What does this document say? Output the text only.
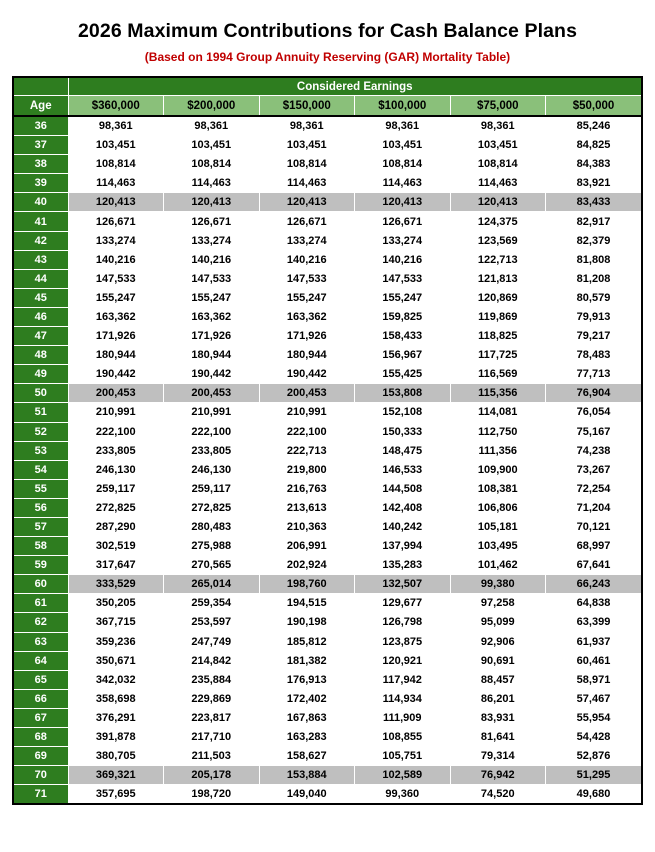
2026 Maximum Contributions for Cash Balance Plans
(Based on 1994 Group Annuity Reserving (GAR) Mortality Table)
	Considered Earnings					
Age	$360,000	$200,000	$150,000	$100,000	$75,000	$50,000
36	98,361	98,361	98,361	98,361	98,361	85,246
37	103,451	103,451	103,451	103,451	103,451	84,825
38	108,814	108,814	108,814	108,814	108,814	84,383
39	114,463	114,463	114,463	114,463	114,463	83,921
40	120,413	120,413	120,413	120,413	120,413	83,433
41	126,671	126,671	126,671	126,671	124,375	82,917
42	133,274	133,274	133,274	133,274	123,569	82,379
43	140,216	140,216	140,216	140,216	122,713	81,808
44	147,533	147,533	147,533	147,533	121,813	81,208
45	155,247	155,247	155,247	155,247	120,869	80,579
46	163,362	163,362	163,362	159,825	119,869	79,913
47	171,926	171,926	171,926	158,433	118,825	79,217
48	180,944	180,944	180,944	156,967	117,725	78,483
49	190,442	190,442	190,442	155,425	116,569	77,713
50	200,453	200,453	200,453	153,808	115,356	76,904
51	210,991	210,991	210,991	152,108	114,081	76,054
52	222,100	222,100	222,100	150,333	112,750	75,167
53	233,805	233,805	222,713	148,475	111,356	74,238
54	246,130	246,130	219,800	146,533	109,900	73,267
55	259,117	259,117	216,763	144,508	108,381	72,254
56	272,825	272,825	213,613	142,408	106,806	71,204
57	287,290	280,483	210,363	140,242	105,181	70,121
58	302,519	275,988	206,991	137,994	103,495	68,997
59	317,647	270,565	202,924	135,283	101,462	67,641
60	333,529	265,014	198,760	132,507	99,380	66,243
61	350,205	259,354	194,515	129,677	97,258	64,838
62	367,715	253,597	190,198	126,798	95,099	63,399
63	359,236	247,749	185,812	123,875	92,906	61,937
64	350,671	214,842	181,382	120,921	90,691	60,461
65	342,032	235,884	176,913	117,942	88,457	58,971
66	358,698	229,869	172,402	114,934	86,201	57,467
67	376,291	223,817	167,863	111,909	83,931	55,954
68	391,878	217,710	163,283	108,855	81,641	54,428
69	380,705	211,503	158,627	105,751	79,314	52,876
70	369,321	205,178	153,884	102,589	76,942	51,295
71	357,695	198,720	149,040	99,360	74,520	49,680
